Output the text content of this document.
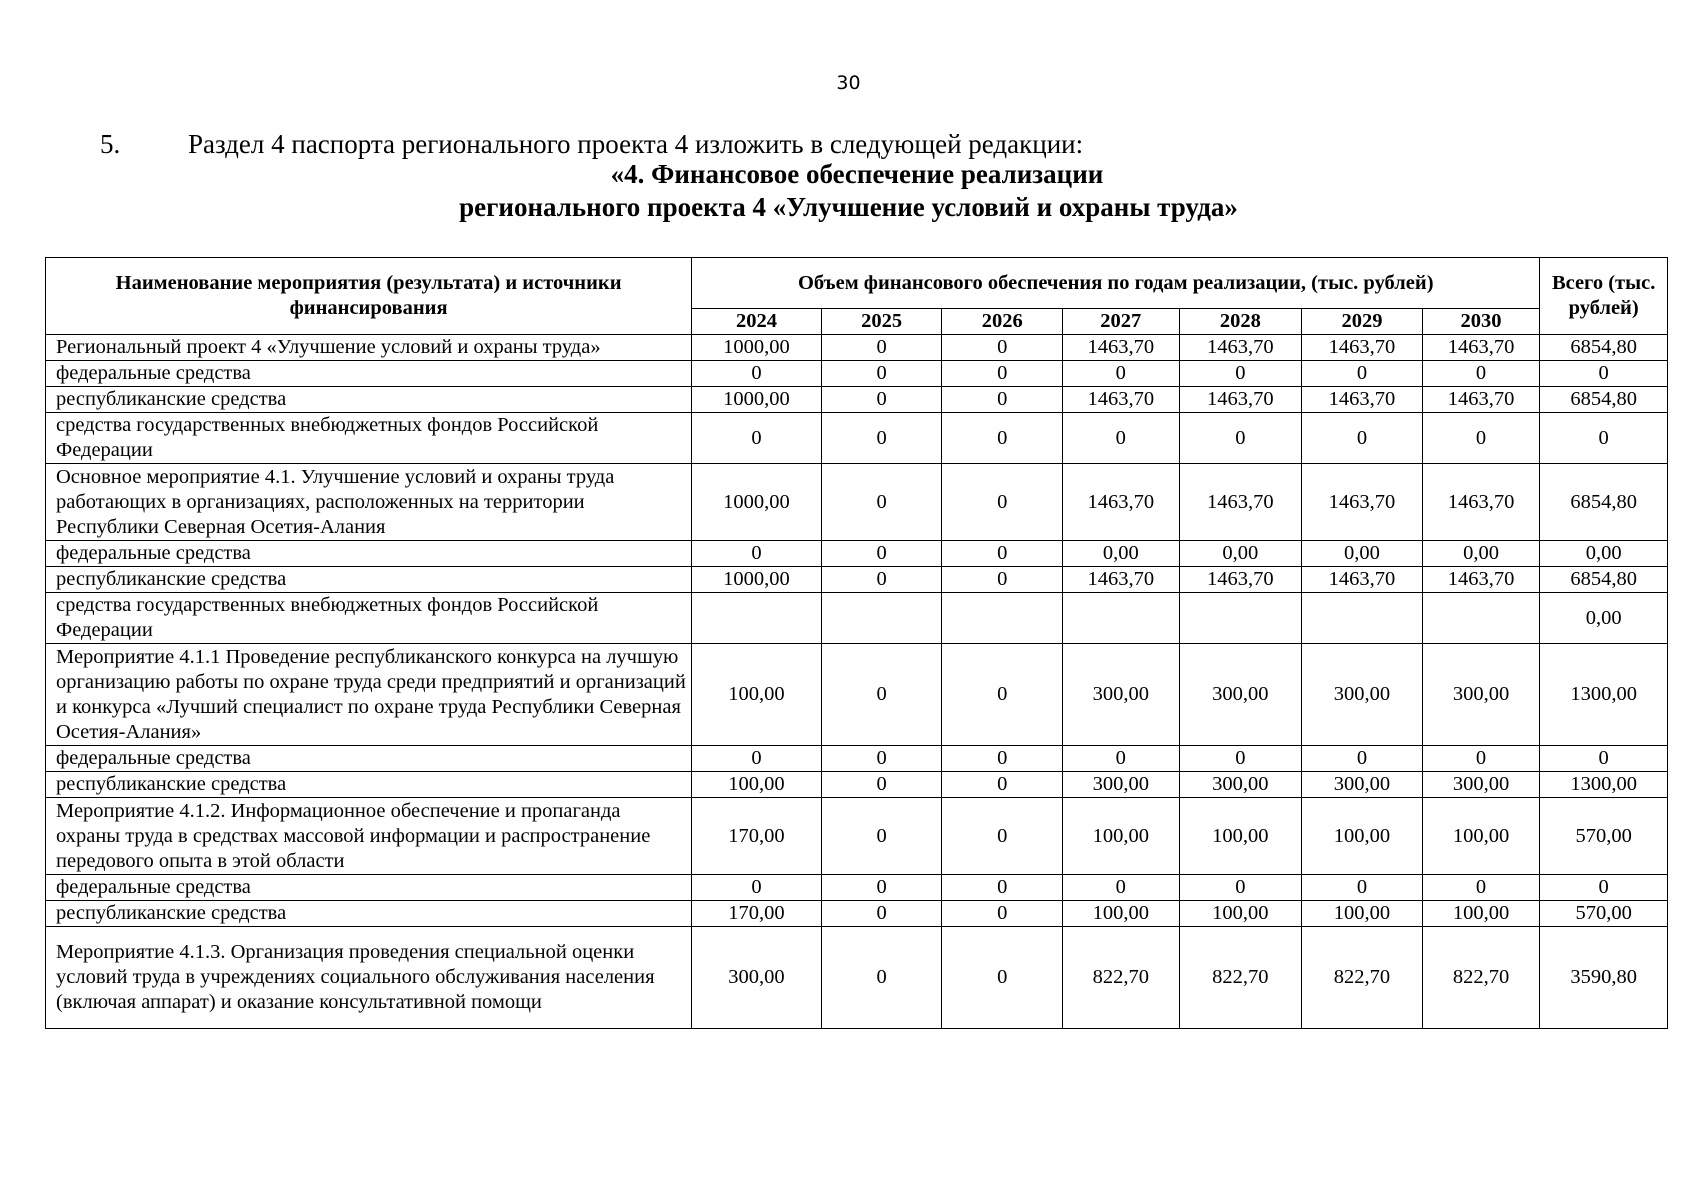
30
5.	Раздел 4 паспорта регионального проекта 4 изложить в следующей редакции:
«4. Финансовое обеспечение реализации
регионального проекта 4 «Улучшение условий и охраны труда»
Наименование мероприятия (результата) и источники финансирования	Объем финансового обеспечения по годам реализации, (тыс. рублей)							Всего (тыс. рублей)
	2024	2025	2026	2027	2028	2029	2030	
Региональный проект 4 «Улучшение условий и охраны труда»	1000,00	0	0	1463,70	1463,70	1463,70	1463,70	6854,80
федеральные средства	0	0	0	0	0	0	0	0
республиканские средства	1000,00	0	0	1463,70	1463,70	1463,70	1463,70	6854,80
средства государственных внебюджетных фондов Российской Федерации	0	0	0	0	0	0	0	0
Основное мероприятие 4.1. Улучшение условий и охраны труда работающих в организациях, расположенных на территории Республики Северная Осетия-Алания	1000,00	0	0	1463,70	1463,70	1463,70	1463,70	6854,80
федеральные средства	0	0	0	0,00	0,00	0,00	0,00	0,00
республиканские средства	1000,00	0	0	1463,70	1463,70	1463,70	1463,70	6854,80
средства государственных внебюджетных фондов Российской Федерации								0,00
Мероприятие 4.1.1 Проведение республиканского конкурса на лучшую организацию работы по охране труда среди предприятий и организаций и конкурса «Лучший специалист по охране труда Республики Северная Осетия-Алания»	100,00	0	0	300,00	300,00	300,00	300,00	1300,00
федеральные средства	0	0	0	0	0	0	0	0
республиканские средства	100,00	0	0	300,00	300,00	300,00	300,00	1300,00
Мероприятие 4.1.2. Информационное обеспечение и пропаганда охраны труда в средствах массовой информации и распространение передового опыта в этой области	170,00	0	0	100,00	100,00	100,00	100,00	570,00
федеральные средства	0	0	0	0	0	0	0	0
республиканские средства	170,00	0	0	100,00	100,00	100,00	100,00	570,00
Мероприятие 4.1.3. Организация проведения специальной оценки условий труда в учреждениях социального обслуживания населения (включая аппарат) и оказание консультативной помощи	300,00	0	0	822,70	822,70	822,70	822,70	3590,80
